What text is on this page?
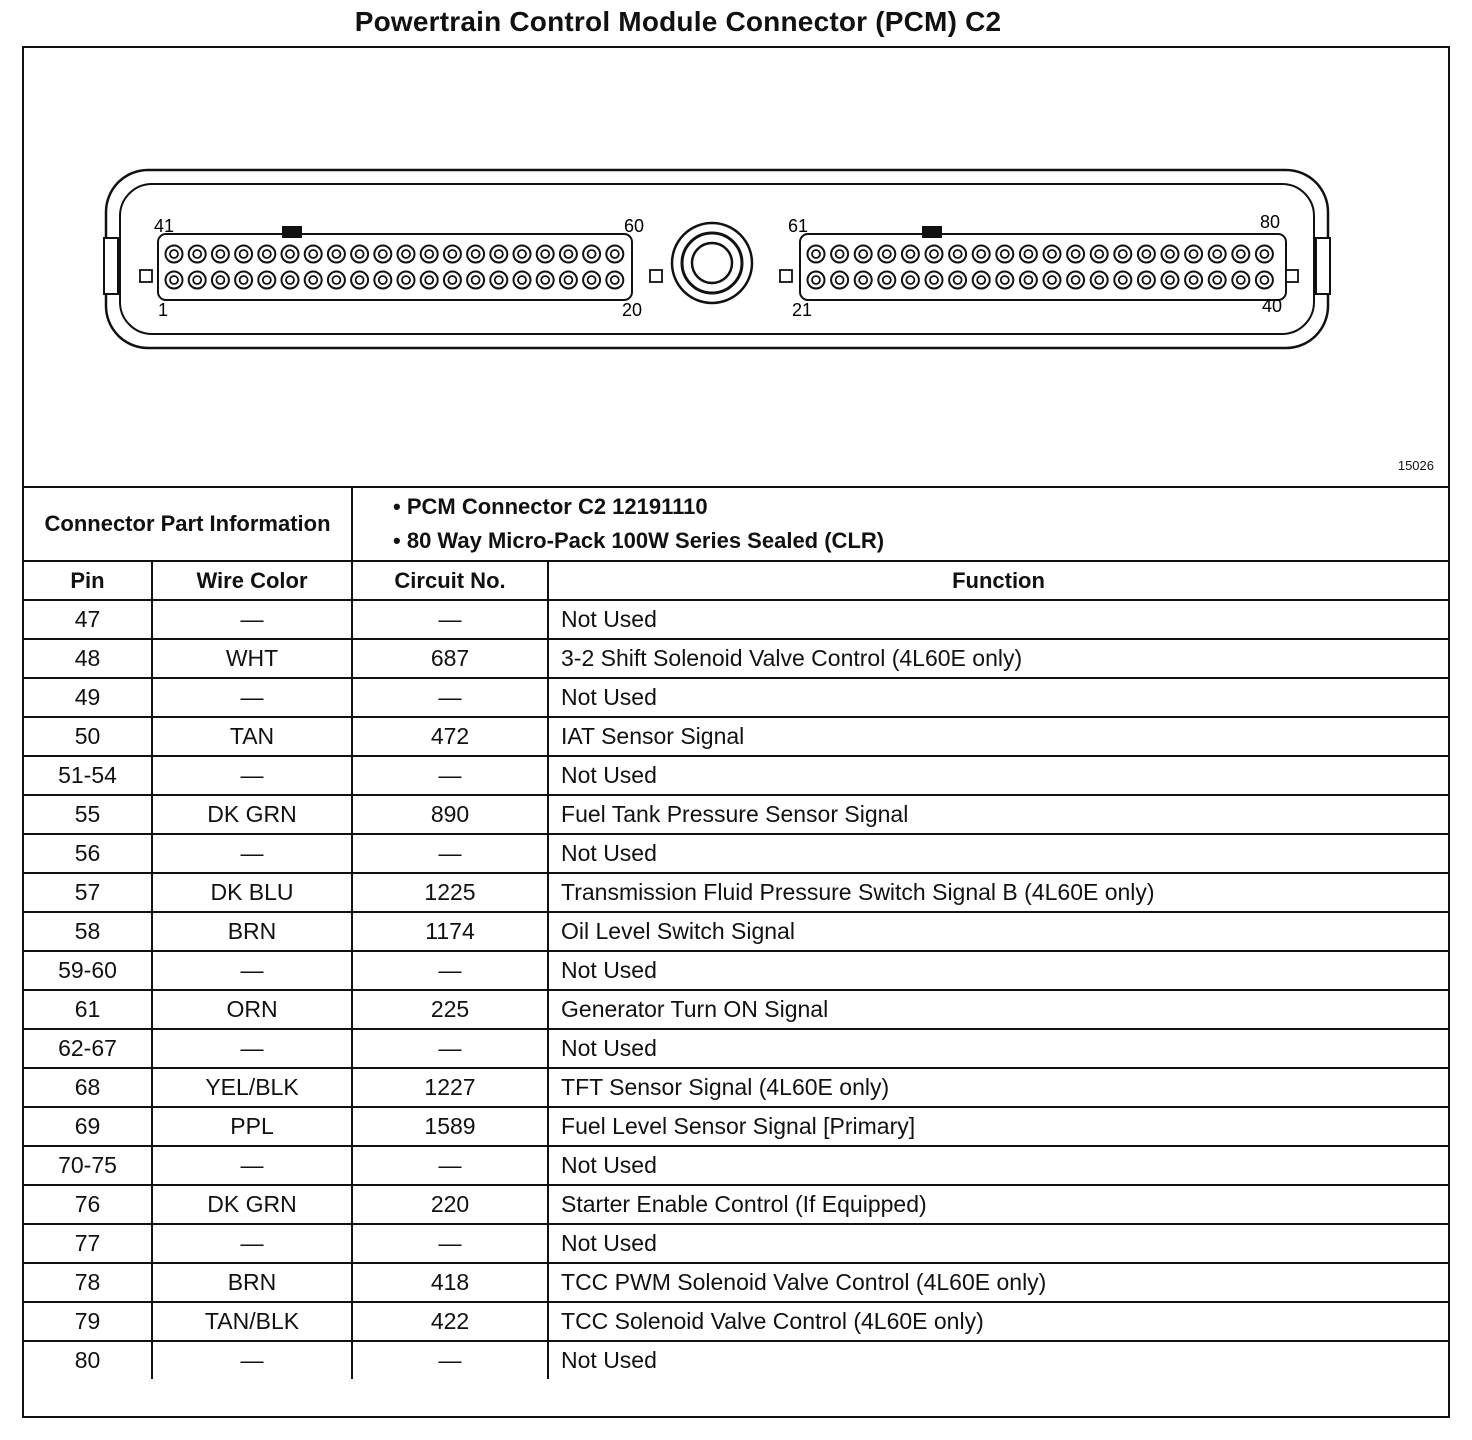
Powertrain Control Module Connector (PCM) C2
41	60
1	20
61	80
21	40
15026
Connector Part Information		• PCM Connector C2 12191110
• 80 Way Micro-Pack 100W Series Sealed (CLR)	

Pin	Wire Color	Circuit No.	Function
47	—	—	Not Used
48	WHT	687	3-2 Shift Solenoid Valve Control (4L60E only)
49	—	—	Not Used
50	TAN	472	IAT Sensor Signal
51-54	—	—	Not Used
55	DK GRN	890	Fuel Tank Pressure Sensor Signal
56	—	—	Not Used
57	DK BLU	1225	Transmission Fluid Pressure Switch Signal B (4L60E only)
58	BRN	1174	Oil Level Switch Signal
59-60	—	—	Not Used
61	ORN	225	Generator Turn ON Signal
62-67	—	—	Not Used
68	YEL/BLK	1227	TFT Sensor Signal (4L60E only)
69	PPL	1589	Fuel Level Sensor Signal [Primary]
70-75	—	—	Not Used
76	DK GRN	220	Starter Enable Control (If Equipped)
77	—	—	Not Used
78	BRN	418	TCC PWM Solenoid Valve Control (4L60E only)
79	TAN/BLK	422	TCC Solenoid Valve Control (4L60E only)
80	—	—	Not Used
